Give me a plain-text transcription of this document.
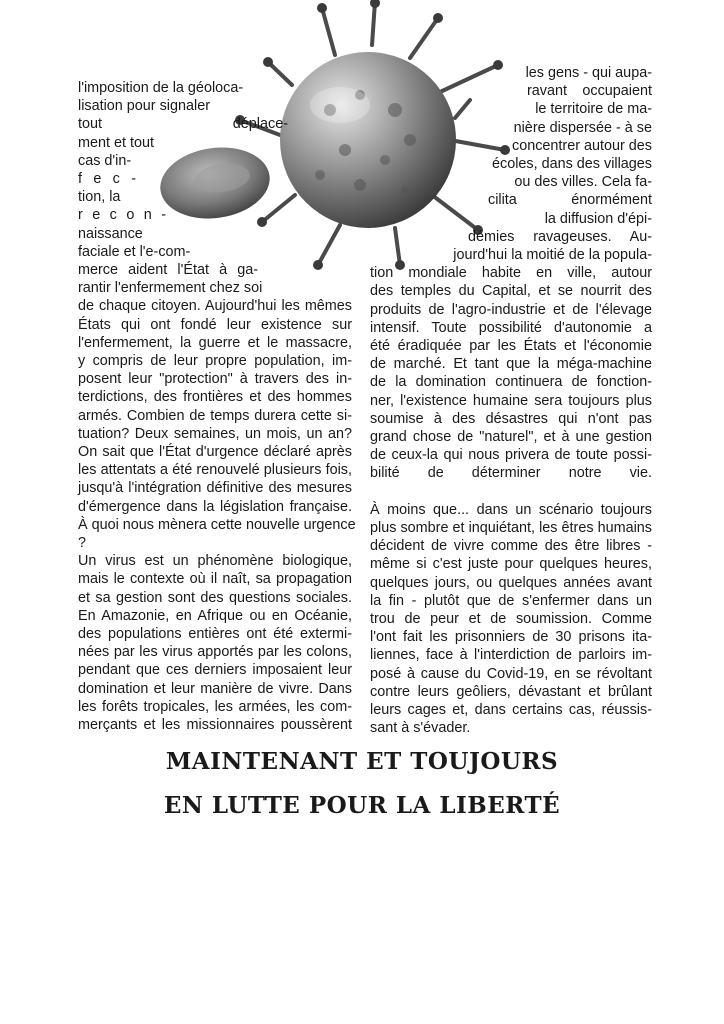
l'imposition de la géoloca-
lisation pour signaler
tout déplace-
ment et tout
cas d'in-
f e c -
tion, la
r e c o n -
naissance
faciale et l'e-com-
merce aident l'État à ga-
rantir l'enfermement chez soi
de chaque citoyen. Aujourd'hui les mêmes
États qui ont fondé leur existence sur
l'enfermement, la guerre et le massacre,
y compris de leur propre population, im-
posent leur "protection" à travers des in-
terdictions, des frontières et des hommes
armés. Combien de temps durera cette si-
tuation? Deux semaines, un mois, un an?
On sait que l'État d'urgence déclaré après
les attentats a été renouvelé plusieurs fois,
jusqu'à l'intégration définitive des mesures
d'émergence dans la législation française.
À quoi nous mènera cette nouvelle urgence
?
Un virus est un phénomène biologique,
mais le contexte où il naît, sa propagation
et sa gestion sont des questions sociales.
En Amazonie, en Afrique ou en Océanie,
des populations entières ont été extermi-
nées par les virus apportés par les colons,
pendant que ces derniers imposaient leur
domination et leur manière de vivre. Dans
les forêts tropicales, les armées, les com-
merçants et les missionnaires poussèrent
les gens - qui aupa-
ravant occupaient
le territoire de ma-
nière dispersée - à se
concentrer autour des
écoles, dans des villages
ou des villes. Cela fa-
cilita énormément
la diffusion d'épi-
démies ravageuses. Au-
jourd'hui la moitié de la popula-
tion mondiale habite en ville, autour
des temples du Capital, et se nourrit des
produits de l'agro-industrie et de l'élevage
intensif. Toute possibilité d'autonomie a
été éradiquée par les États et l'économie
de marché. Et tant que la méga-machine
de la domination continuera de fonction-
ner, l'existence humaine sera toujours plus
soumise à des désastres qui n'ont pas
grand chose de "naturel", et à une gestion
de ceux-la qui nous privera de toute possi-
bilité de déterminer notre vie.
À moins que... dans un scénario toujours
plus sombre et inquiétant, les êtres humains
décident de vivre comme des être libres -
même si c'est juste pour quelques heures,
quelques jours, ou quelques années avant
la fin - plutôt que de s'enfermer dans un
trou de peur et de soumission. Comme
l'ont fait les prisonniers de 30 prisons ita-
liennes, face à l'interdiction de parloirs im-
posé à cause du Covid-19, en se révoltant
contre leurs geôliers, dévastant et brûlant
leurs cages et, dans certains cas, réussis-
sant à s'évader.
MAINTENANT ET TOUJOURS
EN LUTTE POUR LA LIBERTÉ
